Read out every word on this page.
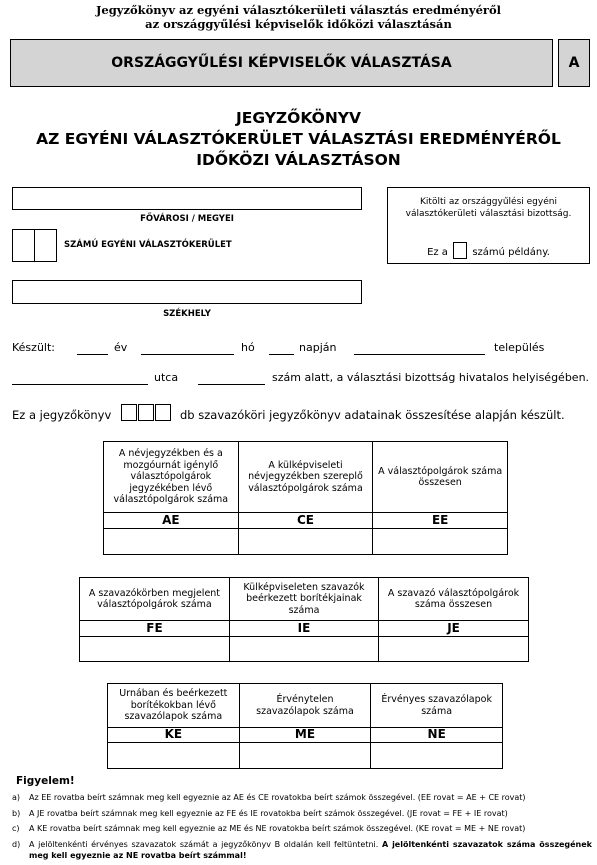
Jegyzőkönyv az egyéni választókerületi választás eredményéről
az országgyűlési képviselők időközi választásán
ORSZÁGGYŰLÉSI KÉPVISELŐK VÁLASZTÁSA	A
JEGYZŐKÖNYV
AZ EGYÉNI VÁLASZTÓKERÜLET VÁLASZTÁSI EREDMÉNYÉRŐL
IDŐKÖZI VÁLASZTÁSON
FŐVÁROSI / MEGYEI
SZÁMÚ EGYÉNI VÁLASZTÓKERÜLET
Kitölti az országgyűlési egyéni
választókerületi választási bizottság.
Ez a számú példány.
SZÉKHELY
Készült:	év	hó	napján	település
utca	szám alatt, a választási bizottság hivatalos helyiségében.
Ez a jegyzőkönyv	db szavazóköri jegyzőkönyv adatainak összesítése alapján készült.
A névjegyzékben és a mozgóurnát igénylő választópolgárok jegyzékében lévő választópolgárok száma	A külképviseleti névjegyzékben szereplő választópolgárok száma	A választópolgárok száma összesen
AE	CE	EE

A szavazókörben megjelent választópolgárok száma	Külképviseleten szavazók beérkezett borítékjainak száma	A szavazó választópolgárok száma összesen
FE	IE	JE

Urnában és beérkezett borítékokban lévő szavazólapok száma	Érvénytelen szavazólapok száma	Érvényes szavazólapok száma
KE	ME	NE

Figyelem!
a) Az EE rovatba beírt számnak meg kell egyeznie az AE és CE rovatokba beírt számok összegével. (EE rovat = AE + CE rovat)
b) A JE rovatba beírt számnak meg kell egyeznie az FE és IE rovatokba beírt számok összegével. (JE rovat = FE + IE rovat)
c) A KE rovatba beírt számnak meg kell egyeznie az ME és NE rovatokba beírt számok összegével. (KE rovat = ME + NE rovat)
d) A jelöltenkénti érvényes szavazatok számát a jegyzőkönyv B oldalán kell feltüntetni. A jelöltenkénti szavazatok száma összegének meg kell egyeznie az NE rovatba beírt számmal!
